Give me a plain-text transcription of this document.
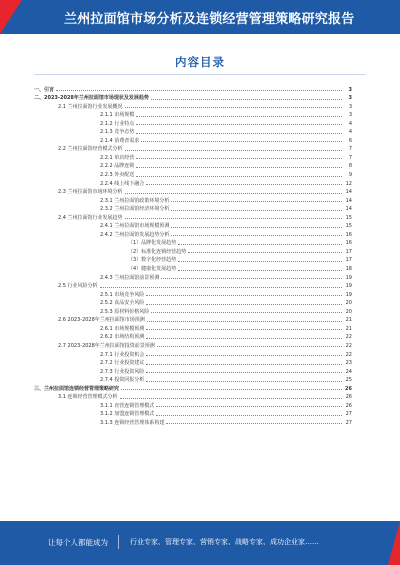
兰州拉面馆市场分析及连锁经营管理策略研究报告
内容目录
一、引言	3
二、2023-2028年兰州拉面馆市场现状及发展趋势	3
2.1 兰州拉面馆行业发展概况	3
2.1.1 市场规模	3
2.1.2 行业特点	4
2.1.3 竞争态势	4
2.1.4 消费者需求	6
2.2 兰州拉面馆经营模式分析	7
2.2.1 单店经营	7
2.2.2 品牌连锁	8
2.2.3 外卖配送	9
2.2.4 线上线下融合	12
2.3 兰州拉面馆市场环境分析	14
2.3.1 兰州拉面馆政策环境分析	14
2.3.2 兰州拉面馆经济环境分析	14
2.4 兰州拉面馆行业发展趋势	15
2.4.1 兰州拉面馆市场规模预测	15
2.4.2 兰州拉面馆发展趋势分析	16
（1）品牌化发展趋势	16
（2）标准化连锁经营趋势	17
（3）数字化经营趋势	17
（4）健康化发展趋势	18
2.4.3 兰州拉面馆前景预测	19
2.5 行业风险分析	19
2.5.1 市场竞争风险	19
2.5.2 食品安全风险	20
2.5.3 原材料价格风险	20
2.6 2023-2028年兰州拉面馆市场预测	21
2.6.1 市场规模预测	21
2.6.2 市场结构预测	22
2.7 2023-2028年兰州拉面馆投资前景预测	22
2.7.1 行业投资机会	22
2.7.2 行业投资建议	23
2.7.3 行业投资风险	24
2.7.4 投资回报分析	25
三、兰州拉面馆连锁经营管理策略研究	26
3.1 连锁经营管理模式分析	26
3.1.1 直营连锁管理模式	26
3.1.2 加盟连锁管理模式	27
3.1.3 连锁经营管理体系构建	27
让每个人都能成为	行业专家、管理专家、营销专家、战略专家、成功企业家……
